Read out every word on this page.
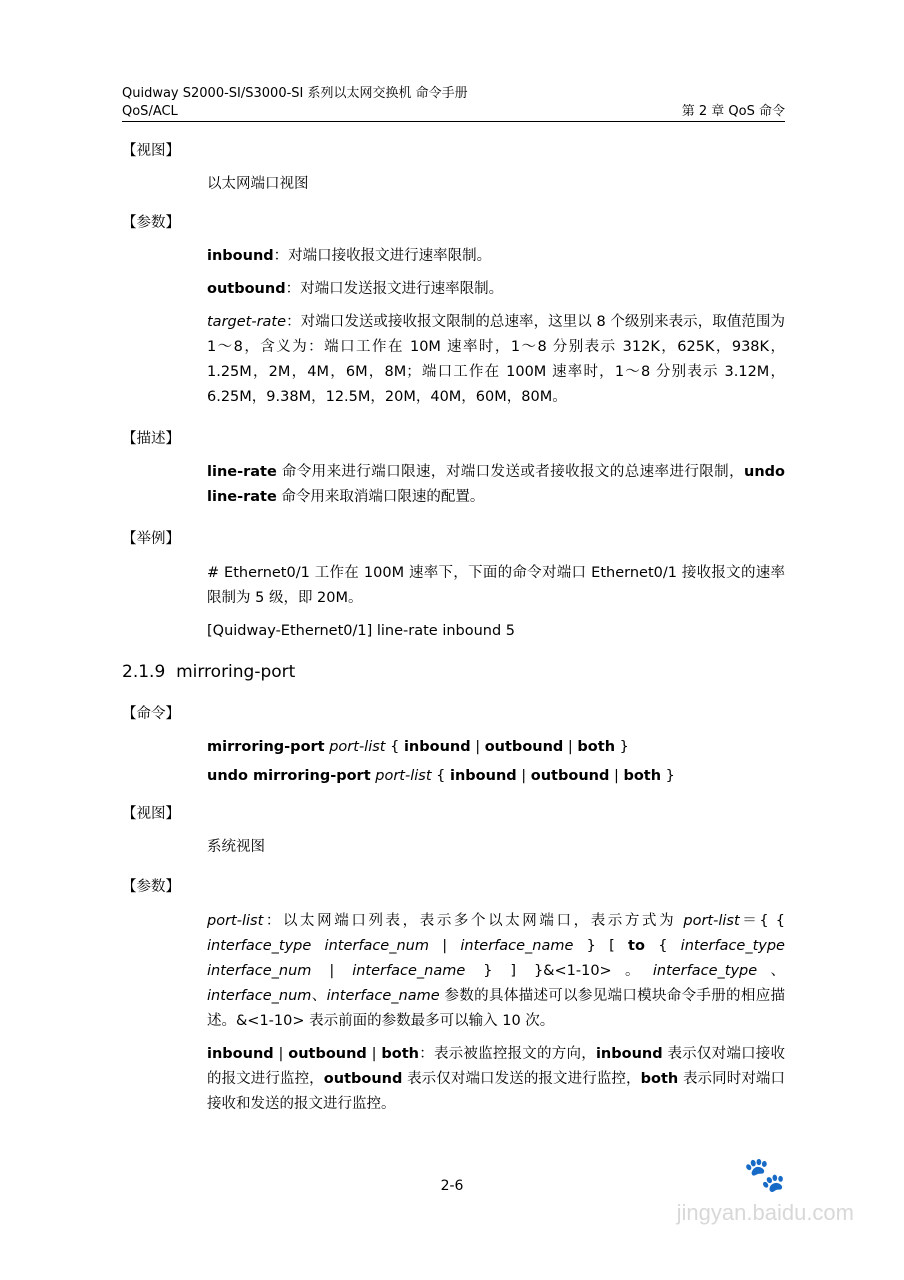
Quidway S2000-SI/S3000-SI 系列以太网交换机 命令手册
QoS/ACL	第 2 章 QoS 命令
【视图】
以太网端口视图
【参数】
inbound：对端口接收报文进行速率限制。
outbound：对端口发送报文进行速率限制。
target-rate：对端口发送或接收报文限制的总速率，这里以 8 个级别来表示，取值范围为 1～8，含义为：端口工作在 10M 速率时，1～8 分别表示 312K，625K，938K，1.25M，2M，4M，6M，8M；端口工作在 100M 速率时，1～8 分别表示 3.12M，6.25M，9.38M，12.5M，20M，40M，60M，80M。
【描述】
line-rate 命令用来进行端口限速，对端口发送或者接收报文的总速率进行限制，undo line-rate 命令用来取消端口限速的配置。
【举例】
# Ethernet0/1 工作在 100M 速率下，下面的命令对端口 Ethernet0/1 接收报文的速率限制为 5 级，即 20M。
[Quidway-Ethernet0/1] line-rate inbound 5
2.1.9 mirroring-port
【命令】
mirroring-port port-list { inbound | outbound | both }
undo mirroring-port port-list { inbound | outbound | both }
【视图】
系统视图
【参数】
port-list：以太网端口列表，表示多个以太网端口，表示方式为 port-list＝{ { interface_type interface_num | interface_name } [ to { interface_type interface_num | interface_name } ] }&<1-10>。interface_type、interface_num、interface_name 参数的具体描述可以参见端口模块命令手册的相应描述。&<1-10> 表示前面的参数最多可以输入 10 次。
inbound | outbound | both：表示被监控报文的方向，inbound 表示仅对端口接收的报文进行监控，outbound 表示仅对端口发送的报文进行监控，both 表示同时对端口接收和发送的报文进行监控。
2-6	🐾
jingyan.baidu.com
